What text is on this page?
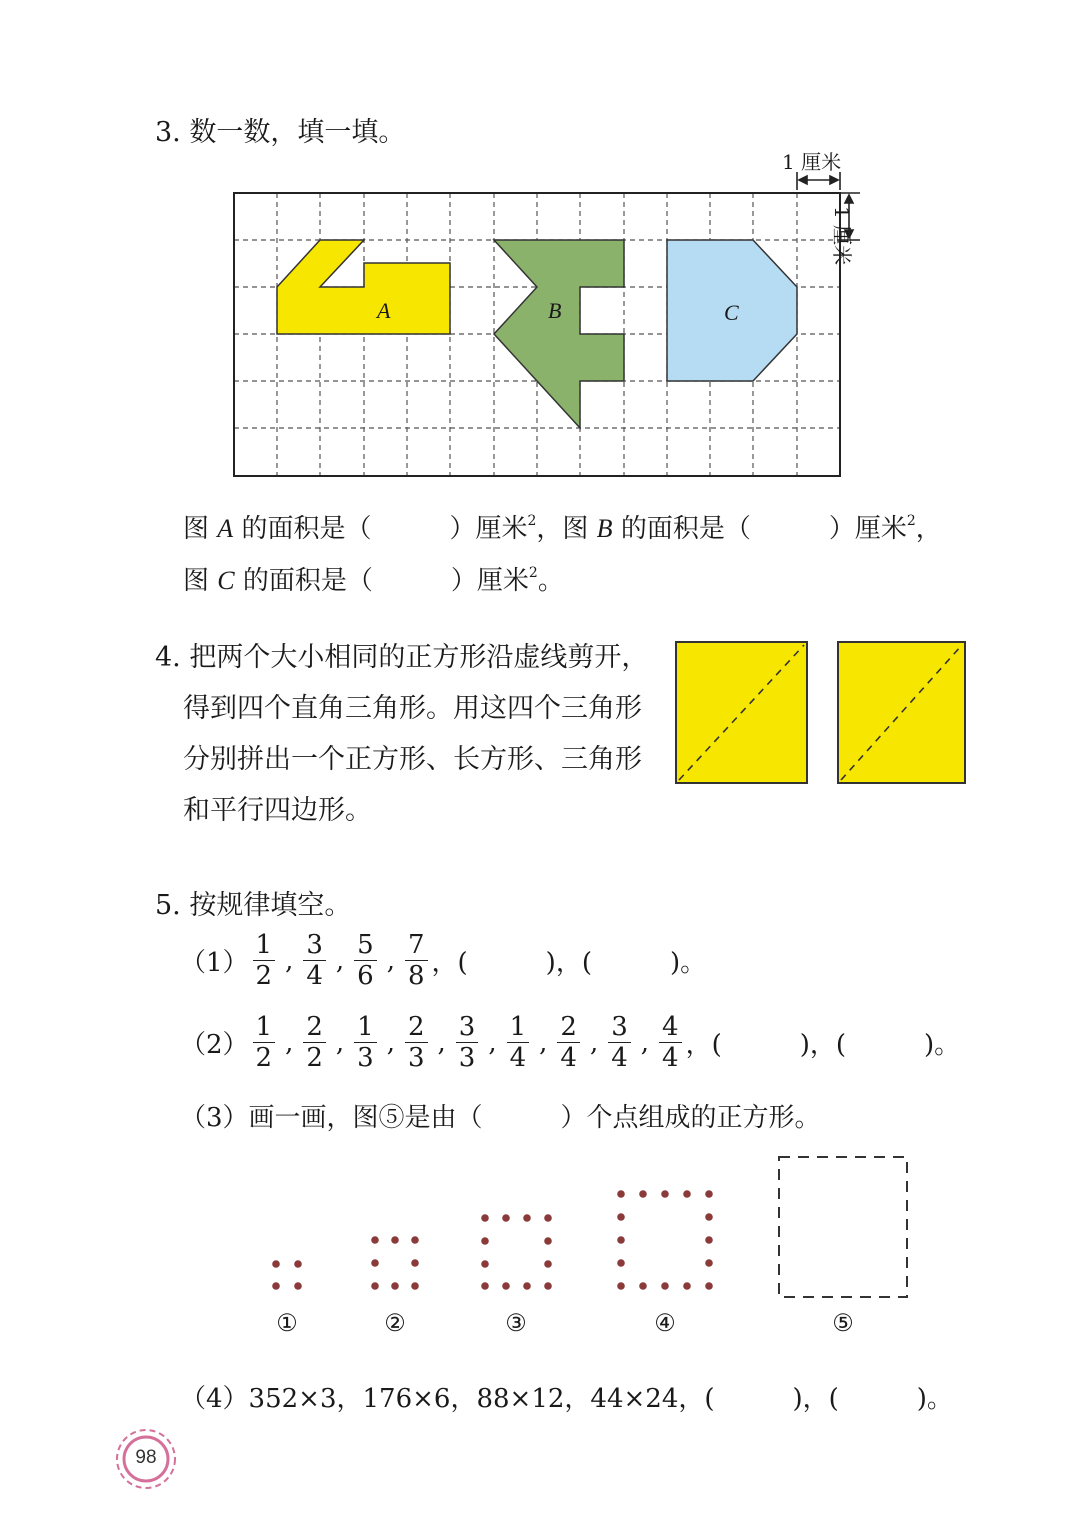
3. 数一数，填一填。
1 厘米
1 厘米
A	B	C
图 A 的面积是（　　　）厘米$^2$，图 B 的面积是（　　　）厘米$^2$，
图 C 的面积是（　　　）厘米$^2$。
4. 把两个大小相同的正方形沿虚线剪开，
得到四个直角三角形。用这四个三角形
分别拼出一个正方形、长方形、三角形
和平行四边形。
5. 按规律填空。
$(1) \frac{1}{2}$ , $\frac{3}{4}$ , $\frac{5}{6}$ , $\frac{7}{8}$ ，(　　　)，(　　　)。
$(2) \frac{1}{2}$ , $\frac{2}{2}$ , $\frac{1}{3}$ , $\frac{2}{3}$ , $\frac{3}{3}$ , $\frac{1}{4}$ , $\frac{2}{4}$ , $\frac{3}{4}$ , $\frac{4}{4}$ ，(　　　)，(　　　)。
（3）画一画，图⑤是由（　　　）个点组成的正方形。
①	②	③	④	⑤
（4）352×3，176×6，88×12，44×24，(　　　)，(　　　)。
98
